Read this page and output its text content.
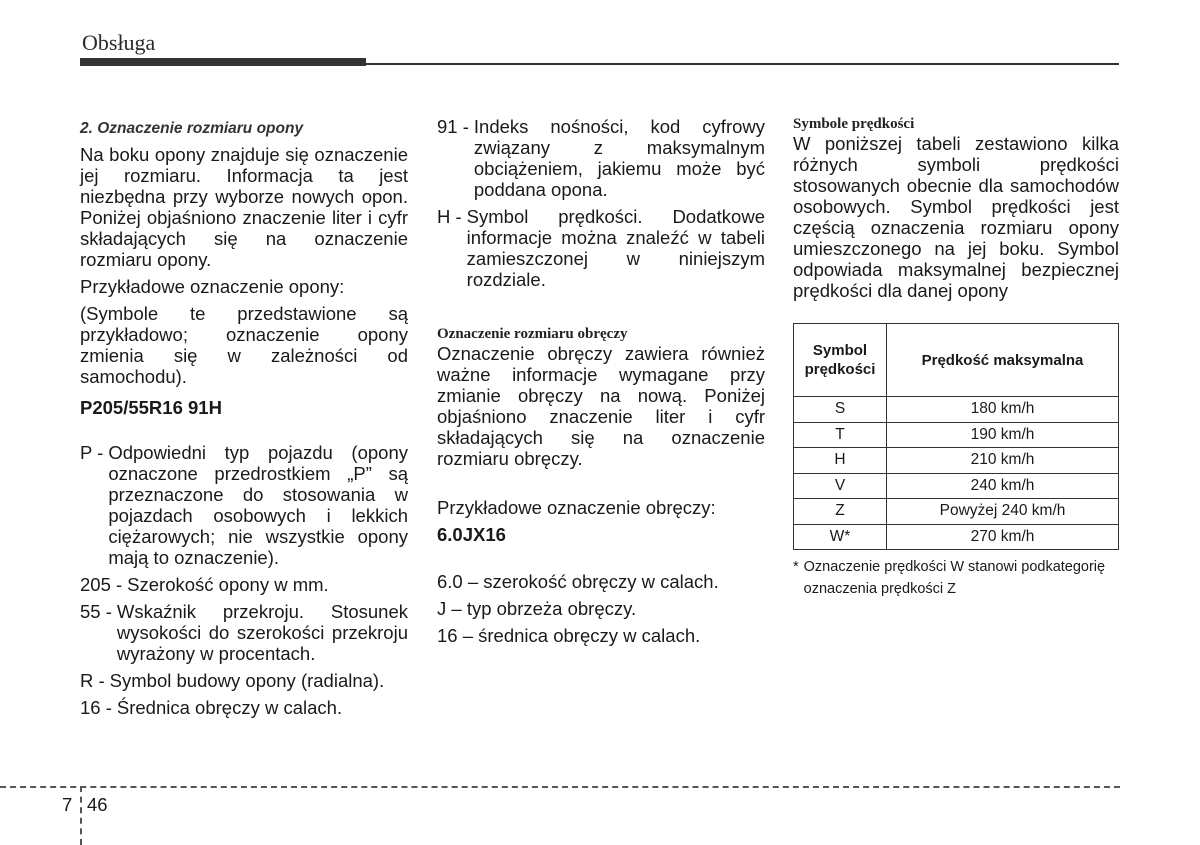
Obsługa
2. Oznaczenie rozmiaru opony

Na boku opony znajduje się oznaczenie jej rozmiaru. Informacja ta jest niezbędna przy wyborze nowych opon. Poniżej objaśniono znaczenie liter i cyfr składających się na oznaczenie rozmiaru opony.

Przykładowe oznaczenie opony:

(Symbole te przedstawione są przykładowo; oznaczenie opony zmienia się w zależności od samochodu).

P205/55R16 91H

P - Odpowiedni typ pojazdu (opony oznaczone przedrostkiem „P” są przeznaczone do stosowania w pojazdach osobowych i lekkich ciężarowych; nie wszystkie opony mają to oznaczenie).
205 - Szerokość opony w mm.
55 - Wskaźnik przekroju. Stosunek wysokości do szerokości przekroju wyrażony w procentach.
R - Symbol budowy opony (radialna).
16 - Średnica obręczy w calach.
91 - Indeks nośności, kod cyfrowy związany z maksymalnym obciążeniem, jakiemu może być poddana opona.
H - Symbol prędkości. Dodatkowe informacje można znaleźć w tabeli zamieszczonej w niniejszym rozdziale.
Oznaczenie rozmiaru obręczy

Oznaczenie obręczy zawiera również ważne informacje wymagane przy zmianie obręczy na nową. Poniżej objaśniono znaczenie liter i cyfr składających się na oznaczenie rozmiaru obręczy.

Przykładowe oznaczenie obręczy:

6.0JX16

6.0 – szerokość obręczy w calach.

J – typ obrzeża obręczy.

16 – średnica obręczy w calach.

Symbole prędkości

W poniższej tabeli zestawiono kilka różnych symboli prędkości stosowanych obecnie dla samochodów osobowych. Symbol prędkości jest częścią oznaczenia rozmiaru opony umieszczonego na jej boku. Symbol odpowiada maksymalnej bezpiecznej prędkości dla danej opony

Symbol
prędkości	Prędkość maksymalna
S	180 km/h
T	190 km/h
H	210 km/h
V	240 km/h
Z	Powyżej 240 km/h
W*	270 km/h
* Oznaczenie prędkości W stanowi podkategorię oznaczenia prędkości Z
7 46
